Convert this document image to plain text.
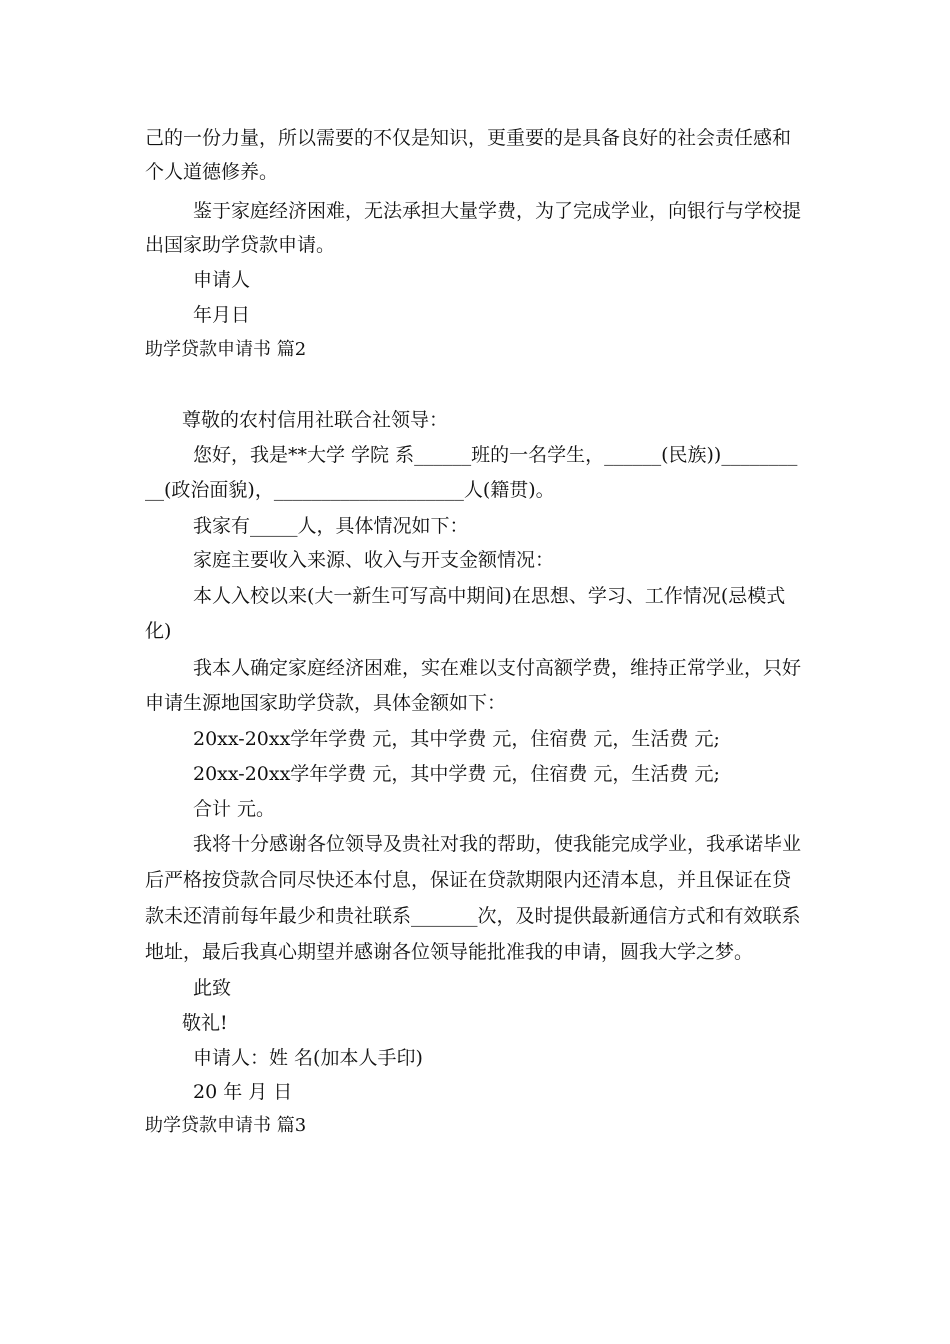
己的一份力量，所以需要的不仅是知识，更重要的是具备良好的社会责任感和
个人道德修养。
鉴于家庭经济困难，无法承担大量学费，为了完成学业，向银行与学校提
出国家助学贷款申请。
申请人
年月日
助学贷款申请书 篇2
尊敬的农村信用社联合社领导：
您好，我是**大学 学院 系______班的一名学生，______(民族))________
__(政治面貌)，____________________人(籍贯)。
我家有_____人，具体情况如下：
家庭主要收入来源、收入与开支金额情况：
本人入校以来(大一新生可写高中期间)在思想、学习、工作情况(忌模式
化)
我本人确定家庭经济困难，实在难以支付高额学费，维持正常学业，只好
申请生源地国家助学贷款，具体金额如下：
20xx-20xx学年学费 元，其中学费 元，住宿费 元，生活费 元;
20xx-20xx学年学费 元，其中学费 元，住宿费 元，生活费 元;
合计 元。
我将十分感谢各位领导及贵社对我的帮助，使我能完成学业，我承诺毕业
后严格按贷款合同尽快还本付息，保证在贷款期限内还清本息，并且保证在贷
款未还清前每年最少和贵社联系_______次，及时提供最新通信方式和有效联系
地址，最后我真心期望并感谢各位领导能批准我的申请，圆我大学之梦。
此致
敬礼!
申请人：姓 名(加本人手印)
20 年 月 日
助学贷款申请书 篇3
